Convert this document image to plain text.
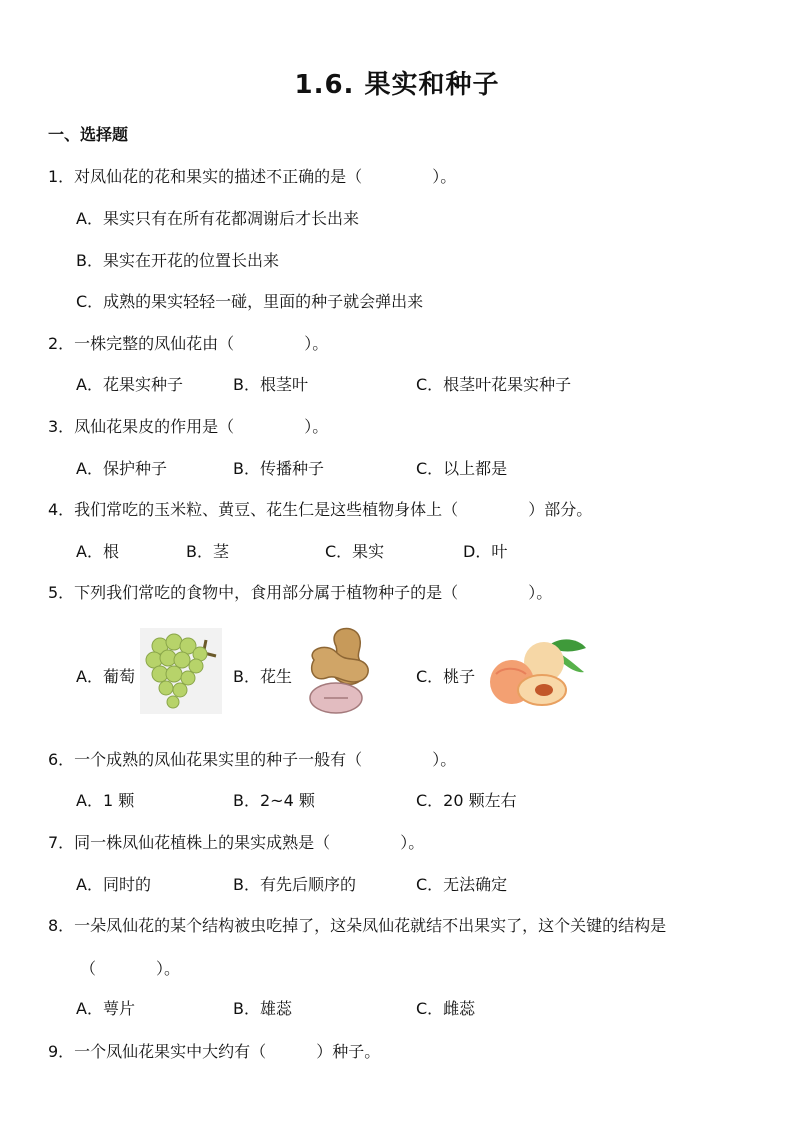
1.6. 果实和种子
一、选择题
1．对凤仙花的花和果实的描述不正确的是（	）。
A．果实只有在所有花都凋谢后才长出来
B．果实在开花的位置长出来
C．成熟的果实轻轻一碰，里面的种子就会弹出来
2．一株完整的凤仙花由（	）。
A．花果实种子	B．根茎叶	C．根茎叶花果实种子
3．凤仙花果皮的作用是（	）。
A．保护种子	B．传播种子	C．以上都是
4．我们常吃的玉米粒、黄豆、花生仁是这些植物身体上（	）部分。
A．根	B．茎	C．果实	D．叶
5．下列我们常吃的食物中，食用部分属于植物种子的是（	）。
A．葡萄	B．花生	C．桃子
6．一个成熟的凤仙花果实里的种子一般有（	）。
A．1 颗	B．2~4 颗	C．20 颗左右
7．同一株凤仙花植株上的果实成熟是（	）。
A．同时的	B．有先后顺序的	C．无法确定
8．一朵凤仙花的某个结构被虫吃掉了，这朵凤仙花就结不出果实了，这个关键的结构是
（	）。
A．萼片	B．雄蕊	C．雌蕊
9．一个凤仙花果实中大约有（	）种子。
